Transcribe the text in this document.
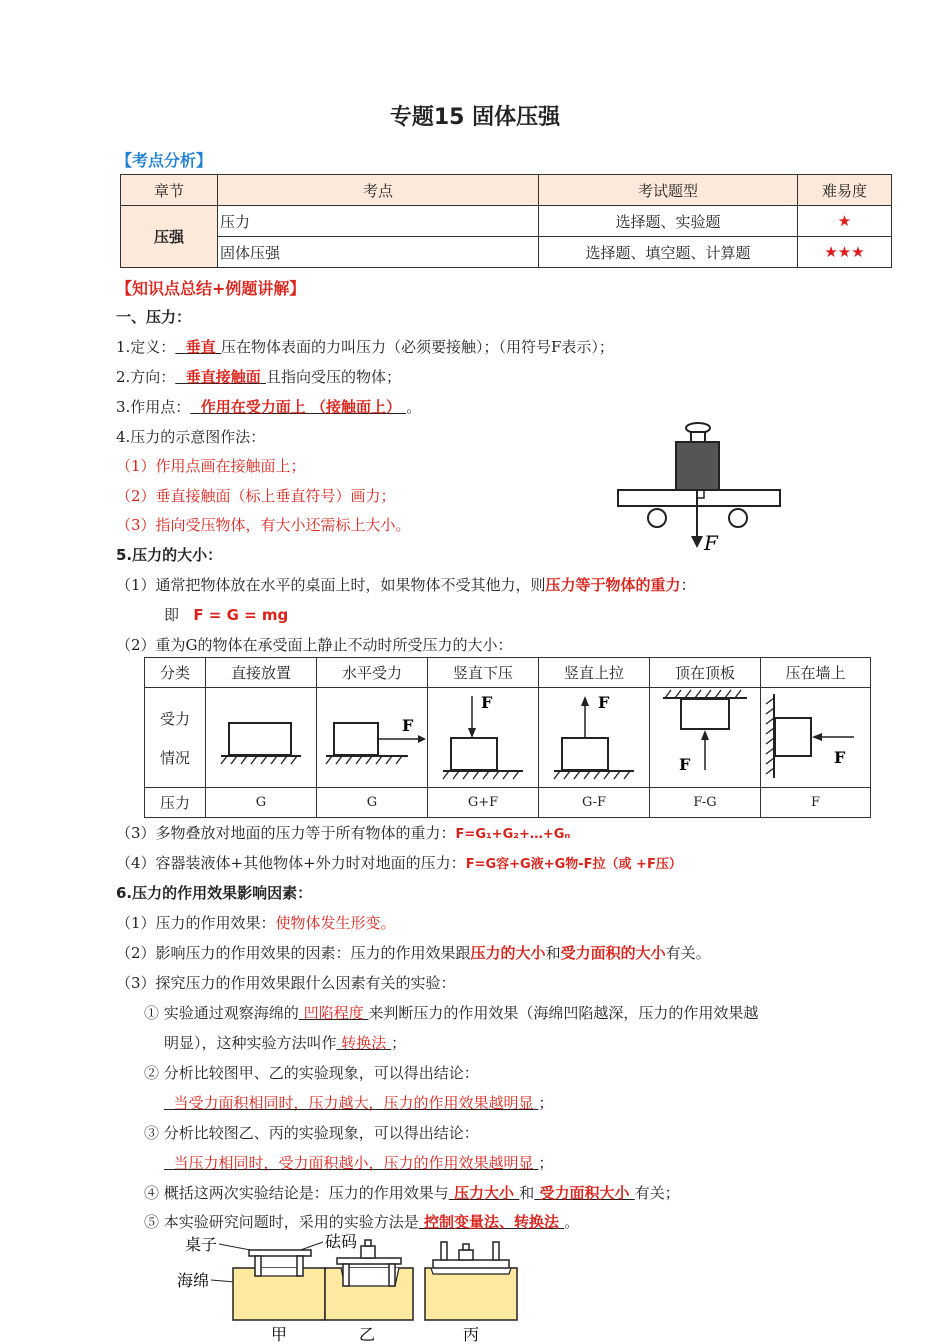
专题15 固体压强
【考点分析】
章节	考点	考试题型	难易度
压强	压力	选择题、实验题	★
	固体压强	选择题、填空题、计算题	★★★
【知识点总结+例题讲解】
一、压力：
1.定义： 垂直 压在物体表面的力叫压力（必须要接触）；（用符号F表示）；
2.方向： 垂直接触面 且指向受压的物体；
3.作用点： 作用在受力面上 （接触面上） 。
4.压力的示意图作法：
（1）作用点画在接触面上；
（2）垂直接触面（标上垂直符号）画力；
（3）指向受压物体，有大小还需标上大小。
F
5.压力的大小：
（1）通常把物体放在水平的桌面上时，如果物体不受其他力，则压力等于物体的重力：
即 F = G = mg
（2）重为G的物体在承受面上静止不动时所受压力的大小：
分类	直接放置	水平受力	竖直下压	竖直上拉	顶在顶板	压在墙上
受力

情况		F	F	F	F	F

压力	G	G	G+F	G-F	F-G	F
（3）多物叠放对地面的压力等于所有物体的重力：F=G₁+G₂+…+Gₙ
（4）容器装液体+其他物体+外力时对地面的压力：F=G容+G液+G物-F拉（或 +F压）
6.压力的作用效果影响因素：
（1）压力的作用效果：使物体发生形变。
（2）影响压力的作用效果的因素：压力的作用效果跟压力的大小和受力面积的大小有关。
（3）探究压力的作用效果跟什么因素有关的实验：
① 实验通过观察海绵的 凹陷程度 来判断压力的作用效果（海绵凹陷越深，压力的作用效果越
明显），这种实验方法叫作 转换法 ；
② 分析比较图甲、乙的实验现象，可以得出结论：
当受力面积相同时，压力越大，压力的作用效果越明显 ；
③ 分析比较图乙、丙的实验现象，可以得出结论：
当压力相同时，受力面积越小，压力的作用效果越明显 ；
④ 概括这两次实验结论是：压力的作用效果与 压力大小 和 受力面积大小 有关；
⑤ 本实验研究问题时，采用的实验方法是 控制变量法、转换法 。
桌子	砝码
海绵
甲	乙	丙
